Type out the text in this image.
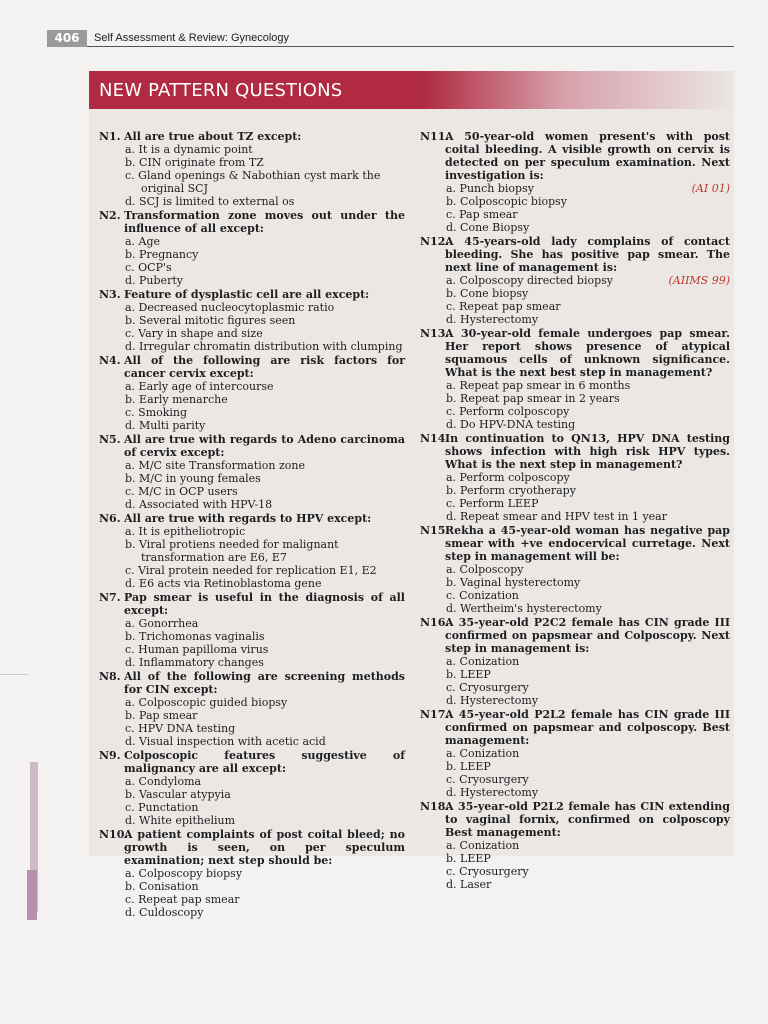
406	Self Assessment & Review: Gynecology
NEW PATTERN QUESTIONS
N1. All are true about TZ except:
a. It is a dynamic point
b. CIN originate from TZ
c. Gland openings & Nabothian cyst mark the original SCJ
d. SCJ is limited to external os
N2. Transformation zone moves out under the influence of all except:
a. Ageb. Pregnancyc. OCP'sd. Puberty
N3. Feature of dysplastic cell are all except:
a. Decreased nucleocytoplasmic ratio
b. Several mitotic figures seen
c. Vary in shape and size
d. Irregular chromatin distribution with clumping
N4. All of the following are risk factors for cancer cervix except:
a. Early age of intercourse
b. Early menarche
c. Smoking
d. Multi parity
N5. All are true with regards to Adeno carcinoma of cervix except:
a. M/C site Transformation zone
b. M/C in young females
c. M/C in OCP users
d. Associated with HPV-18
N6. All are true with regards to HPV except:
a. It is epitheliotropic
b. Viral protiens needed for malignant transformation are E6, E7
c. Viral protein needed for replication E1, E2
d. E6 acts via Retinoblastoma gene
N7. Pap smear is useful in the diagnosis of all except:
a. Gonorrhea
b. Trichomonas vaginalis
c. Human papilloma virus
d. Inflammatory changes
N8. All of the following are screening methods for CIN except:
a. Colposcopic guided biopsy
b. Pap smear
c. HPV DNA testing
d. Visual inspection with acetic acid
N9. Colposcopic features suggestive of malignancy are all except:
a. Condylomab. Vascular atypyiac. Punctationd. White epithelium
N10.A patient complaints of post coital bleed; no growth is seen, on per speculum examination; next step should be:
a. Colposcopy biopsyb. Conisationc. Repeat pap smeard. Culdoscopy
N11.A 50-year-old women present's with post coital bleeding. A visible growth on cervix is detected on per speculum examination. Next investigation is:
a. Punch biopsy	(AI 01)
b. Colposcopic biopsy
c. Pap smear
d. Cone Biopsy
N12.A 45-years-old lady complains of contact bleeding. She has positive pap smear. The next line of management is:
a. Colposcopy directed biopsy	(AIIMS 99)
b. Cone biopsy
c. Repeat pap smear
d. Hysterectomy
N13.A 30-year-old female undergoes pap smear. Her report shows presence of atypical squamous cells of unknown significance. What is the next best step in management?
a. Repeat pap smear in 6 months
b. Repeat pap smear in 2 years
c. Perform colposcopy
d. Do HPV-DNA testing
N14.In continuation to QN13, HPV DNA testing shows infection with high risk HPV types. What is the next step in management?
a. Perform colposcopy
b. Perform cryotherapy
c. Perform LEEP
d. Repeat smear and HPV test in 1 year
N15.Rekha a 45-year-old woman has negative pap smear with +ve endocervical curretage. Next step in management will be:
a. Colposcopy
b. Vaginal hysterectomy
c. Conization
d. Wertheim's hysterectomy
N16.A 35-year-old P2C2 female has CIN grade III confirmed on papsmear and Colposcopy. Next step in management is:
a. Conization
b. LEEP
c. Cryosurgery
d. Hysterectomy
N17.A 45-year-old P2L2 female has CIN grade III confirmed on papsmear and colposcopy. Best management:
a. Conization
b. LEEP
c. Cryosurgery
d. Hysterectomy
N18.A 35-year-old P2L2 female has CIN extending to vaginal fornix, confirmed on colposcopy Best management:
a. Conizationb. LEEPc. Cryosurgeryd. Laser
